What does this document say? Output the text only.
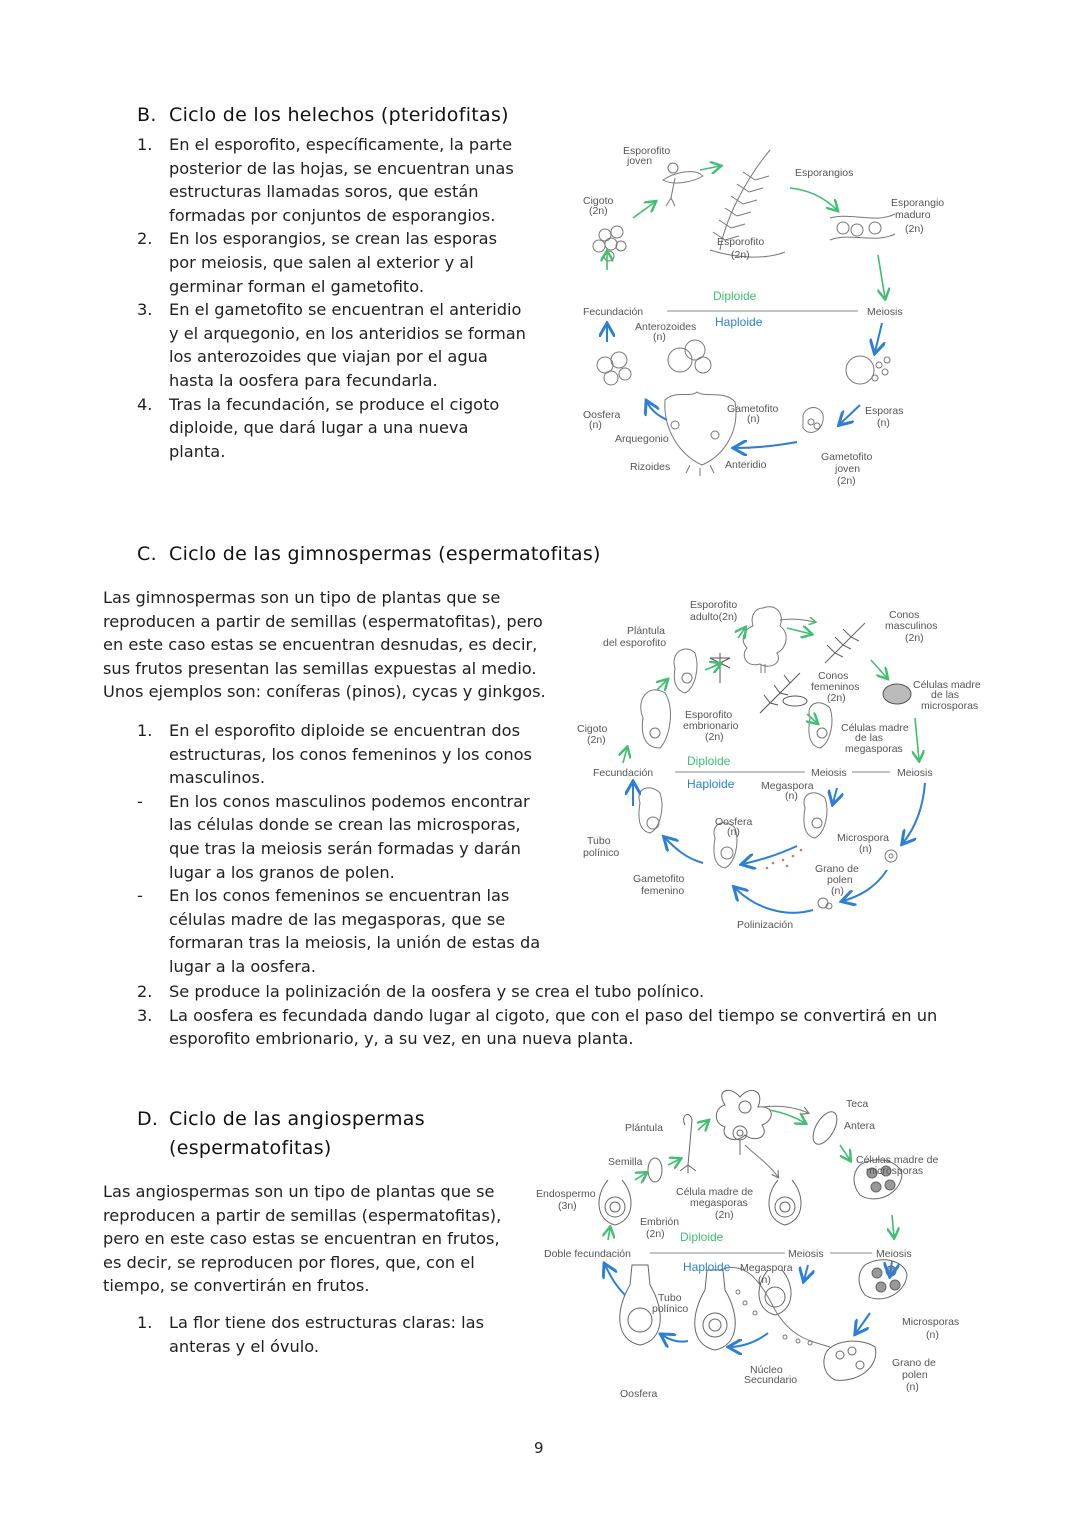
B. Ciclo de los helechos (pteridofitas)
1. En el esporofito, específicamente, la parte posterior de las hojas, se encuentran unas estructuras llamadas soros, que están formadas por conjuntos de esporangios.
2. En los esporangios, se crean las esporas por meiosis, que salen al exterior y al germinar forman el gametofito.
3. En el gametofito se encuentran el anteridio y el arquegonio, en los anteridios se forman los anterozoides que viajan por el agua hasta la oosfera para fecundarla.
4. Tras la fecundación, se produce el cigoto diploide, que dará lugar a una nueva planta.
Esporofito
joven
Cigoto
(2n)
Esporangios
Esporofito
(2n)
Esporangio
maduro
(2n)
Fecundación	Meiosis
Diploide
Haploide
Anterozoides
(n)
Oosfera
(n)
Arquegonio
Rizoides	Anteridio
Gametofito
(n)
Esporas
(n)
Gametofito
joven
(2n)
C. Ciclo de las gimnospermas (espermatofitas)

Las gimnospermas son un tipo de plantas que se reproducen a partir de semillas (espermatofitas), pero en este caso estas se encuentran desnudas, es decir, sus frutos presentan las semillas expuestas al medio. Unos ejemplos son: coníferas (pinos), cycas y ginkgos.

1. En el esporofito diploide se encuentran dos estructuras, los conos femeninos y los conos masculinos.
- En los conos masculinos podemos encontrar las células donde se crean las microsporas, que tras la meiosis serán formadas y darán lugar a los granos de polen.
- En los conos femeninos se encuentran las células madre de las megasporas, que se formaran tras la meiosis, la unión de estas da lugar a la oosfera.
2. Se produce la polinización de la oosfera y se crea el tubo polínico.
3. La oosfera es fecundada dando lugar al cigoto, que con el paso del tiempo se convertirá en un esporofito embrionario, y, a su vez, en una nueva planta.
Esporofito
adulto(2n)
Plántula
del esporofito
Conos
masculinos
(2n)
Conos
femeninos
(2n)
Células madre
de las
microsporas
Esporofito
embrionario
(2n)
Cigoto
(2n)
Células madre
de las
megasporas
Diploide
Fecundación	Meiosis	Meiosis
Haploide	Megaspora
(n)
Oosfera
(n)
Tubo
polínico
Microspora
(n)
Grano de
polen
(n)
Gametofito
femenino
Polinización
D. Ciclo de las angiospermas
(espermatofitas)

Las angiospermas son un tipo de plantas que se reproducen a partir de semillas (espermatofitas), pero en este caso estas se encuentran en frutos, es decir, se reproducen por flores, que, con el tiempo, se convertirán en frutos.

1. La flor tiene dos estructuras claras: las anteras y el óvulo.
Plántula
Teca
Antera
Semilla	Células madre de
microsporas
Endospermo
(3n)
Célula madre de
megasporas
(2n)
Embrión
(2n) Diploide
Doble fecundación	Meiosis	Meiosis
Haploide Megaspora
(n)
Tubo
polínico
Microsporas
(n)
Núcleo
Secundario
Grano de
polen
(n)
Oosfera
9
